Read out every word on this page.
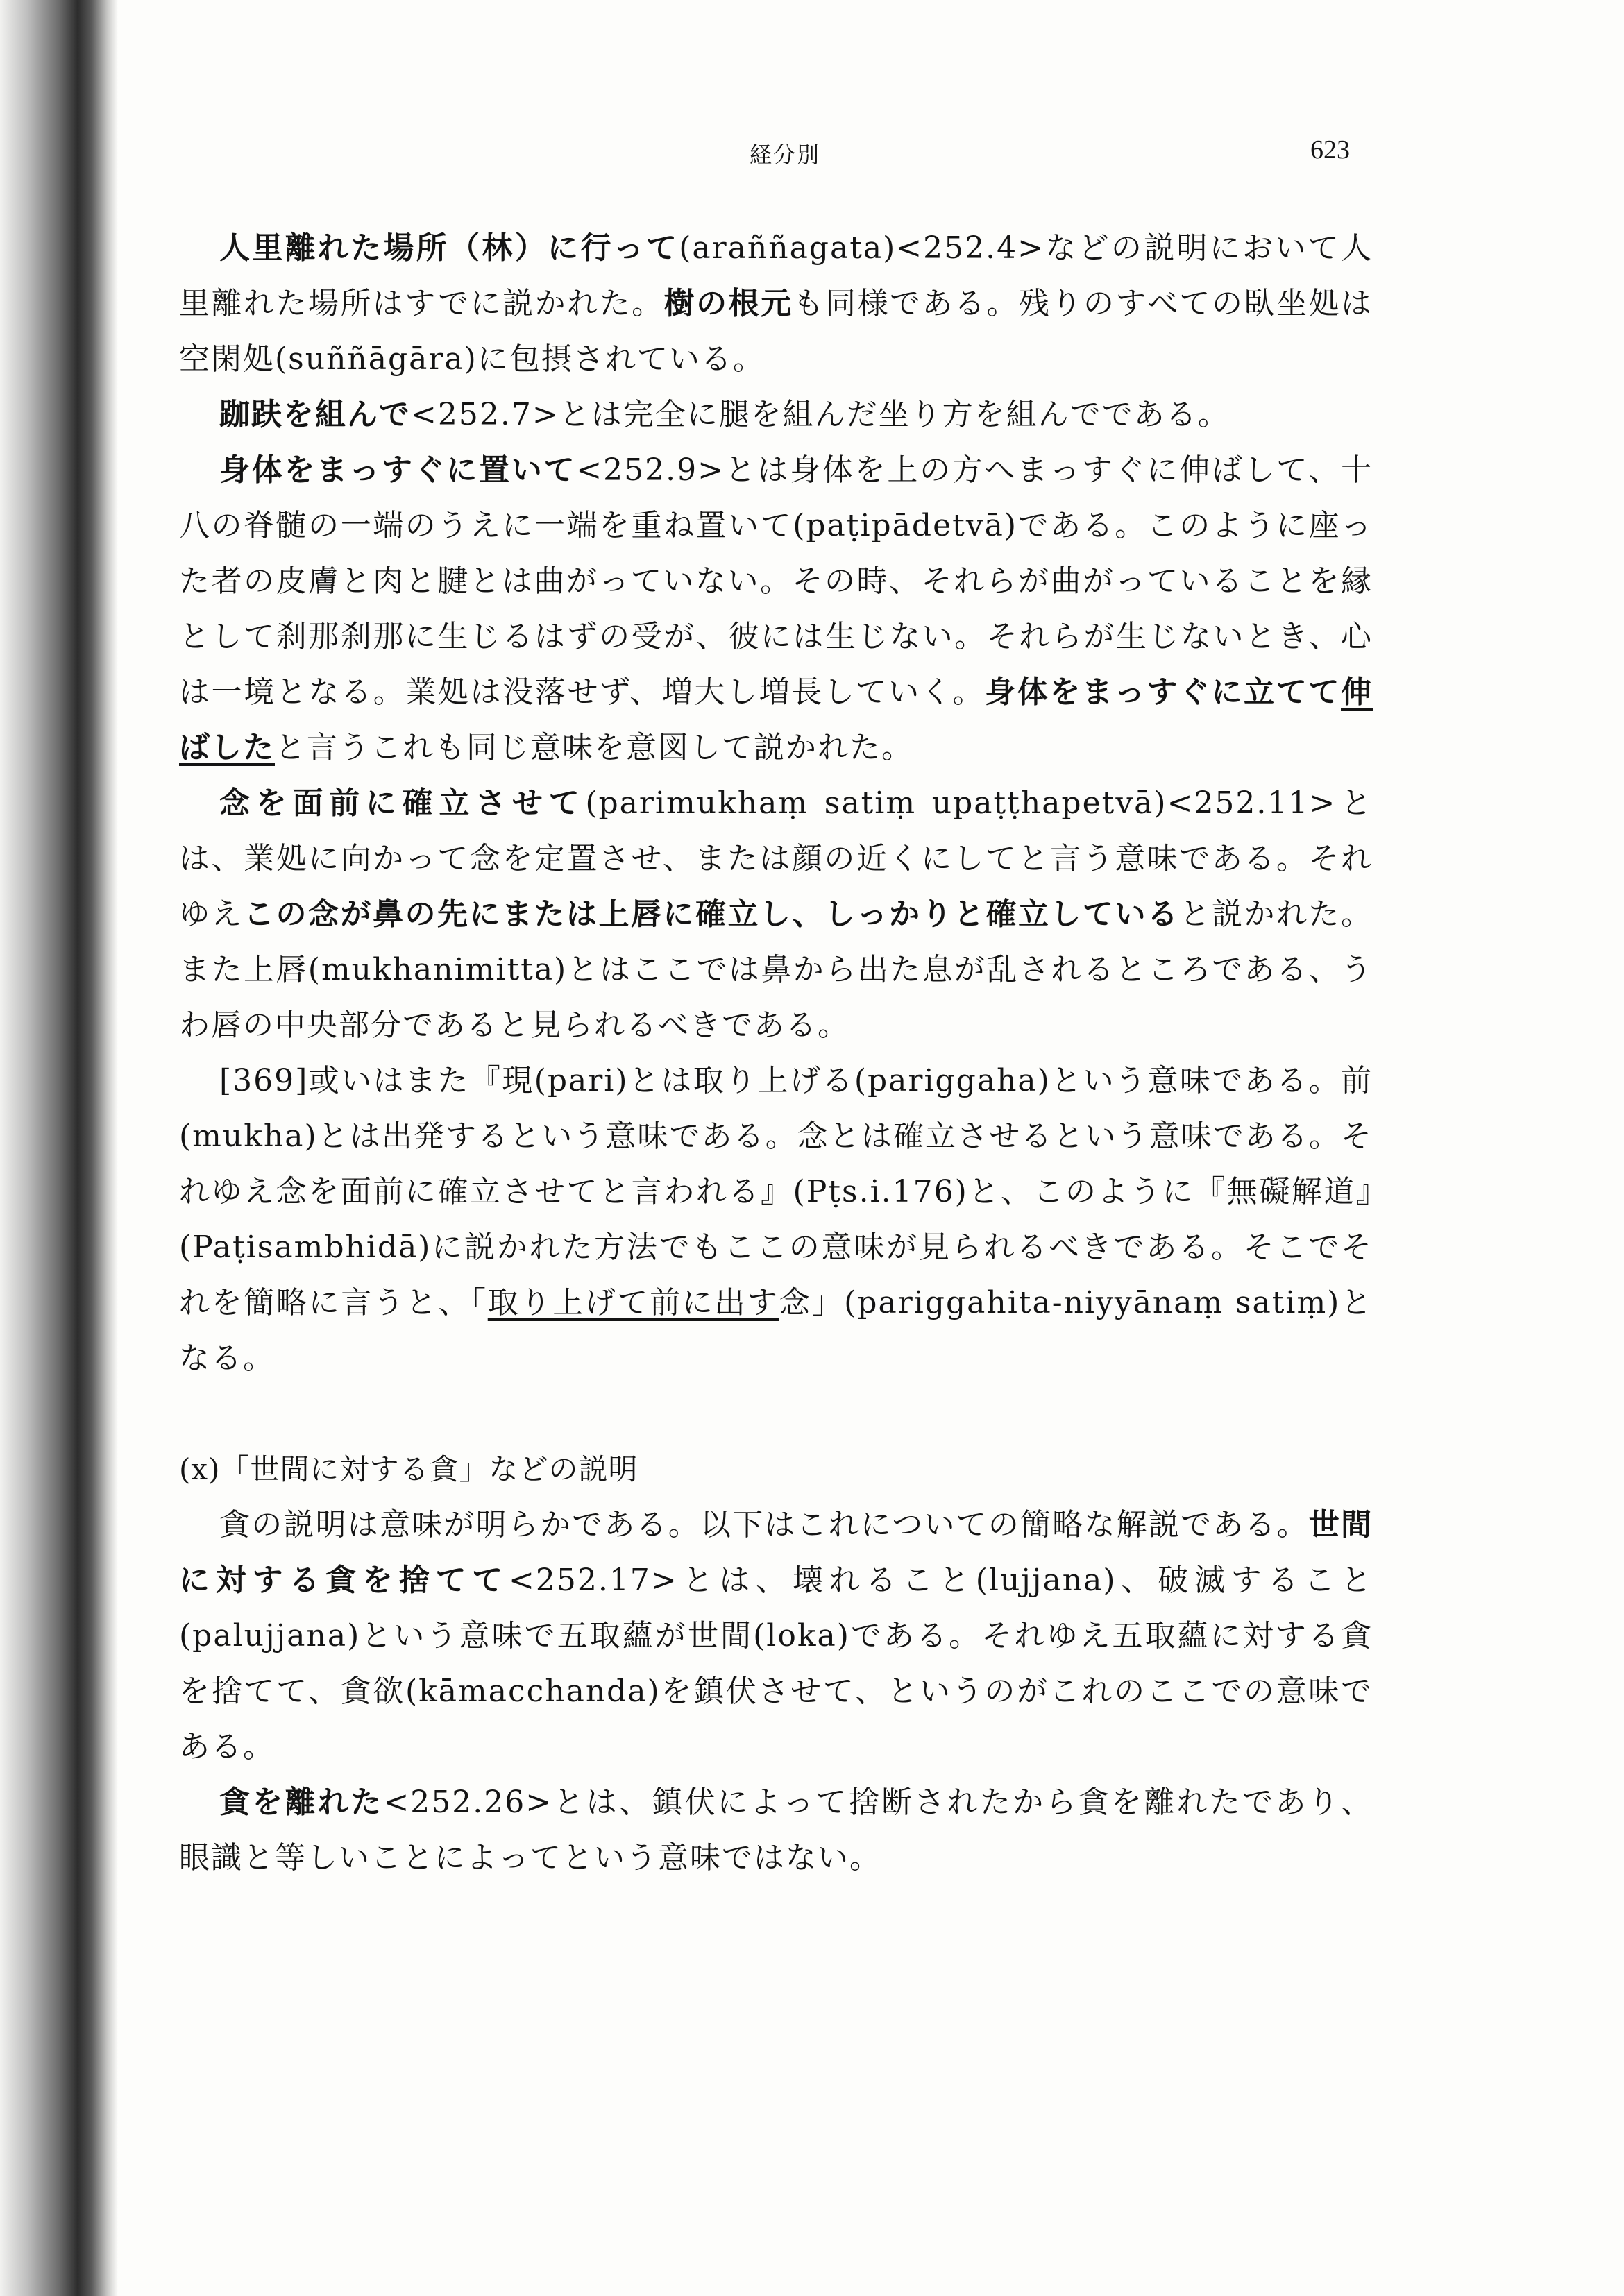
経分別	623

人里離れた場所（林）に行って(araññagata)<252.4>などの説明において人里離れた場所はすでに説かれた。樹の根元も同様である。残りのすべての臥坐処は空閑処(suññāgāra)に包摂されている。

跏趺を組んで<252.7>とは完全に腿を組んだ坐り方を組んでである。

身体をまっすぐに置いて<252.9>とは身体を上の方へまっすぐに伸ばして、十八の脊髄の一端のうえに一端を重ね置いて(paṭipādetvā)である。このように座った者の皮膚と肉と腱とは曲がっていない。その時、それらが曲がっていることを縁として刹那刹那に生じるはずの受が、彼には生じない。それらが生じないとき、心は一境となる。業処は没落せず、増大し増長していく。身体をまっすぐに立てて伸ばしたと言うこれも同じ意味を意図して説かれた。

念を面前に確立させて(parimukhaṃ satiṃ upaṭṭhapetvā)<252.11>とは、業処に向かって念を定置させ、または顔の近くにしてと言う意味である。それゆえこの念が鼻の先にまたは上唇に確立し、しっかりと確立していると説かれた。また上唇(mukhanimitta)とはここでは鼻から出た息が乱されるところである、うわ唇の中央部分であると見られるべきである。

[369]或いはまた『現(pari)とは取り上げる(pariggaha)という意味である。前(mukha)とは出発するという意味である。念とは確立させるという意味である。それゆえ念を面前に確立させてと言われる』(Pṭs.i.176)と、このように『無礙解道』(Paṭisambhidā)に説かれた方法でもここの意味が見られるべきである。そこでそれを簡略に言うと、「取り上げて前に出す念」(pariggahita-niyyānaṃ satiṃ)となる。

(x)「世間に対する貪」などの説明

貪の説明は意味が明らかである。以下はこれについての簡略な解説である。世間に対する貪を捨てて<252.17>とは、壊れること(lujjana)、破滅すること(palujjana)という意味で五取蘊が世間(loka)である。それゆえ五取蘊に対する貪を捨てて、貪欲(kāmacchanda)を鎮伏させて、というのがこれのここでの意味である。

貪を離れた<252.26>とは、鎮伏によって捨断されたから貪を離れたであり、眼識と等しいことによってという意味ではない。
